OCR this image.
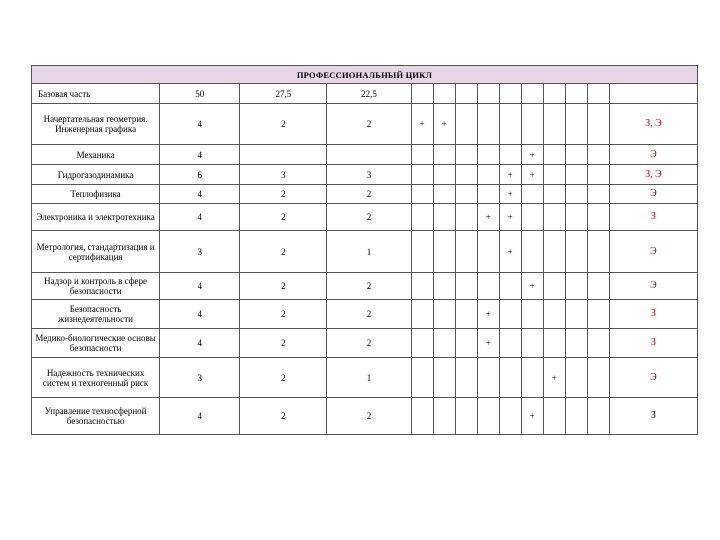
ПРОФЕССИОНАЛЬНЫЙ ЦИКЛ													
Базовая часть	50	27,5	22,5										
Начертательная геометрия. Инженерная графика	4	2	2	+	+								З, Э
Механика	4								+				Э
Гидрогазодинамика	6	3	3					+	+				З, Э
Теплофизика	4	2	2					+					Э
Электроника и электротехника	4	2	2				+	+					З
Метрология, стандартизация и сертификация	3	2	1					+					Э
Надзор и контроль в сфере безопасности	4	2	2						+				Э
Безопасность жизнедеятельности	4	2	2				+						З
Медико-биологические основы безопасности	4	2	2				+						З
Надежность технических систем и техногенный риск	3	2	1							+			Э
Управление техносферной безопасностью	4	2	2						+				З
